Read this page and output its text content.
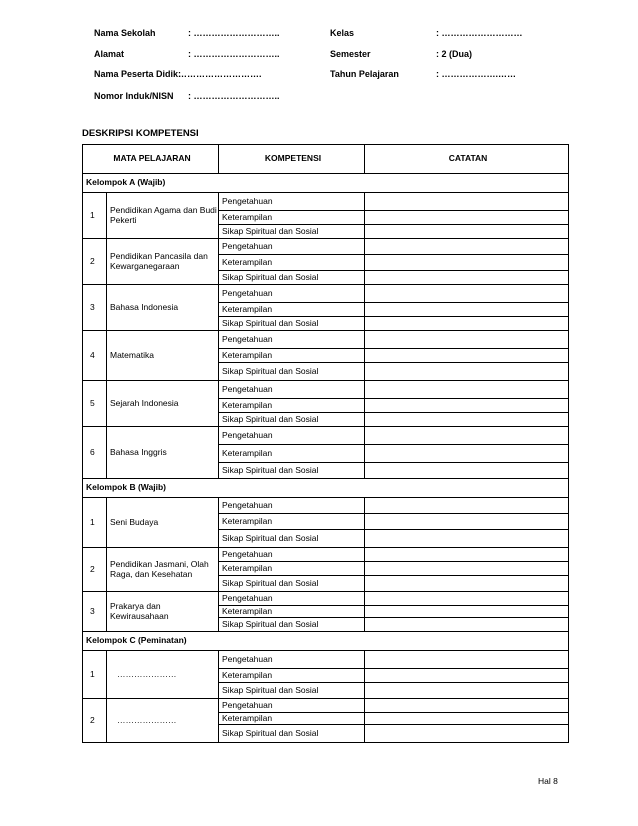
Nama Sekolah	: ………………………..
Alamat	: ………………………..
Nama Peserta Didik:
……………………….
Nomor Induk/NISN : ………………………..
Kelas	: ………………………
Semester	: 2 (Dua)
Tahun Pelajaran	: ……………….……
DESKRIPSI KOMPETENSI
MATA PELAJARAN		KOMPETENSI	CATATAN
Kelompok A (Wajib)			
1	Pendidikan Agama dan Budi Pekerti	Pengetahuan	
		Keterampilan	
		Sikap Spiritual dan Sosial	
2	Pendidikan Pancasila dan Kewarganegaraan	Pengetahuan	
		Keterampilan	
		Sikap Spiritual dan Sosial	
3	Bahasa Indonesia	Pengetahuan	
		Keterampilan	
		Sikap Spiritual dan Sosial	
4	Matematika	Pengetahuan	
		Keterampilan	
		Sikap Spiritual dan Sosial	
5	Sejarah Indonesia	Pengetahuan	
		Keterampilan	
		Sikap Spiritual dan Sosial	
6	Bahasa Inggris	Pengetahuan	
		Keterampilan	
		Sikap Spiritual dan Sosial	
Kelompok B (Wajib)			
1	Seni Budaya	Pengetahuan	
		Keterampilan	
		Sikap Spiritual dan Sosial	
2	Pendidikan Jasmani, Olah Raga, dan Kesehatan	Pengetahuan	
		Keterampilan	
		Sikap Spiritual dan Sosial	
3	Prakarya dan Kewirausahaan	Pengetahuan	
		Keterampilan	
		Sikap Spiritual dan Sosial	
Kelompok C (Peminatan)			
1	…………………	Pengetahuan	
		Keterampilan	
		Sikap Spiritual dan Sosial	
2	…………………	Pengetahuan	
		Keterampilan	
		Sikap Spiritual dan Sosial	
Hal 8
